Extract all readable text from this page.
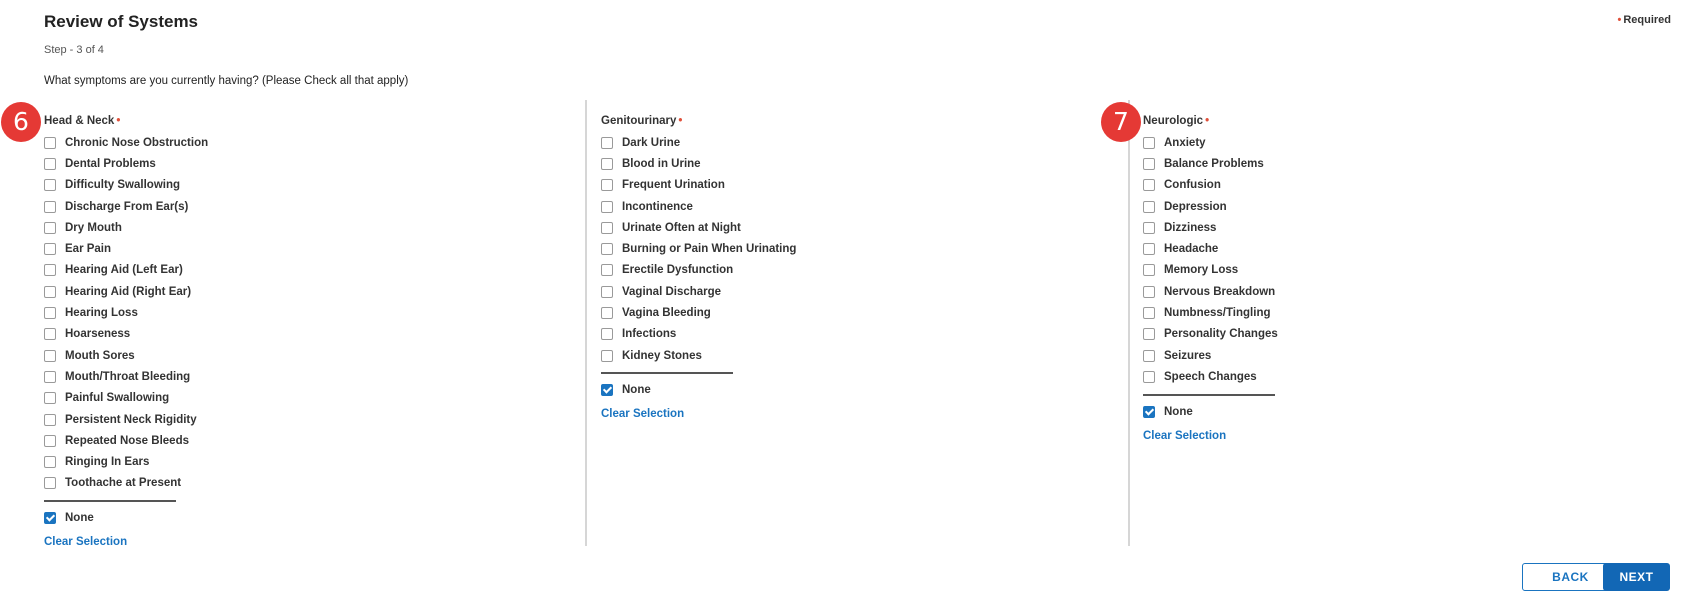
Review of Systems
Step - 3 of 4
• Required
What symptoms are you currently having? (Please Check all that apply)
Head & Neck •
Chronic Nose Obstruction
Dental Problems
Difficulty Swallowing
Discharge From Ear(s)
Dry Mouth
Ear Pain
Hearing Aid (Left Ear)
Hearing Aid (Right Ear)
Hearing Loss
Hoarseness
Mouth Sores
Mouth/Throat Bleeding
Painful Swallowing
Persistent Neck Rigidity
Repeated Nose Bleeds
Ringing In Ears
Toothache at Present
None
Clear Selection
Genitourinary •
Dark Urine
Blood in Urine
Frequent Urination
Incontinence
Urinate Often at Night
Burning or Pain When Urinating
Erectile Dysfunction
Vaginal Discharge
Vagina Bleeding
Infections
Kidney Stones
None
Clear Selection
Neurologic •
Anxiety
Balance Problems
Confusion
Depression
Dizziness
Headache
Memory Loss
Nervous Breakdown
Numbness/Tingling
Personality Changes
Seizures
Speech Changes
None
Clear Selection
6	7
BACK	NEXT
